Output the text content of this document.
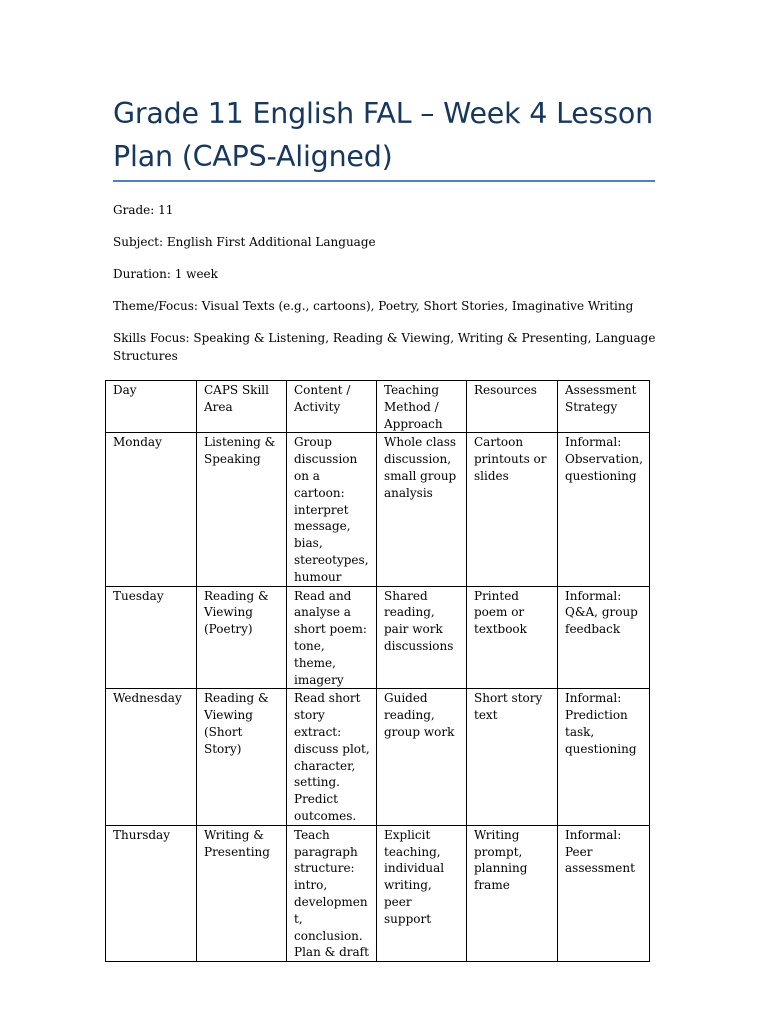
Grade 11 English FAL – Week 4 Lesson Plan (CAPS-Aligned)

Grade: 11

Subject: English First Additional Language

Duration: 1 week

Theme/Focus: Visual Texts (e.g., cartoons), Poetry, Short Stories, Imaginative Writing

Skills Focus: Speaking & Listening, Reading & Viewing, Writing & Presenting, Language Structures

Day	CAPS Skill Area	Content / Activity	Teaching Method / Approach	Resources	Assessment Strategy
Monday	Listening & Speaking	Group discussion on a cartoon: interpret message, bias, stereotypes, humour	Whole class discussion, small group analysis	Cartoon printouts or slides	Informal: Observation, questioning
Tuesday	Reading & Viewing (Poetry)	Read and analyse a short poem: tone, theme, imagery	Shared reading, pair work discussions	Printed poem or textbook	Informal: Q&A, group feedback
Wednesday	Reading & Viewing (Short Story)	Read short story extract: discuss plot, character, setting. Predict outcomes.	Guided reading, group work	Short story text	Informal: Prediction task, questioning
Thursday	Writing & Presenting	Teach paragraph structure: intro, development, conclusion. Plan & draft	Explicit teaching, individual writing, peer support	Writing prompt, planning frame	Informal: Peer assessment
